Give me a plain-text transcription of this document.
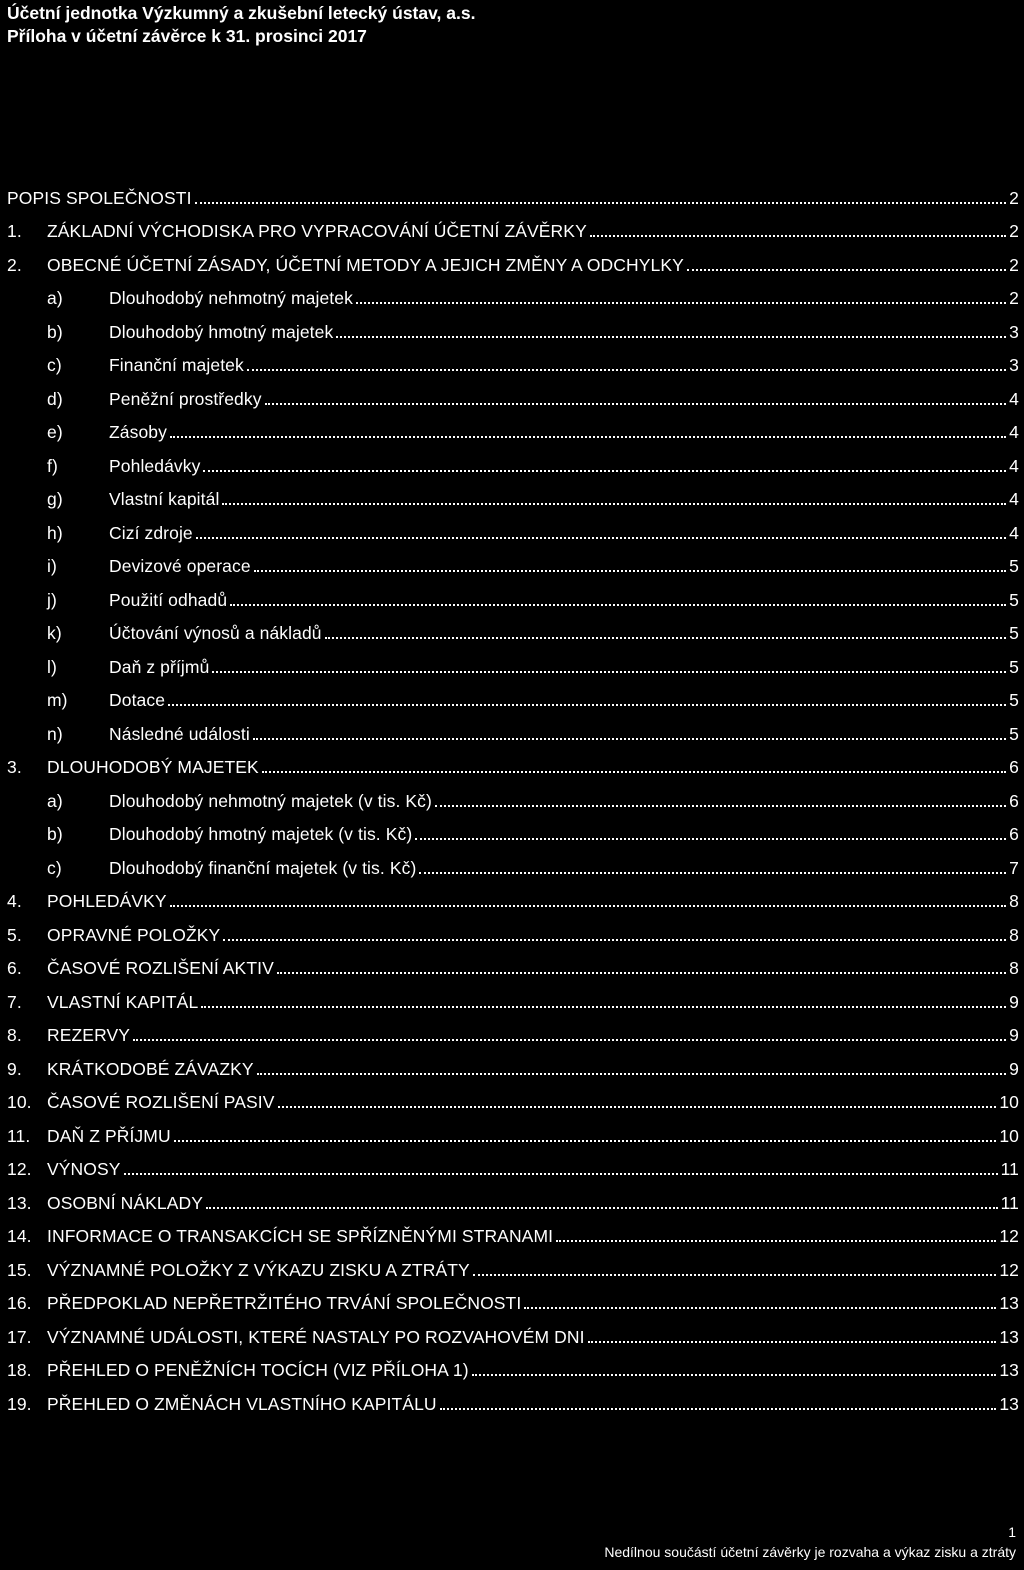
Účetní jednotka Výzkumný a zkušební letecký ústav, a.s.
Příloha v účetní závěrce k 31. prosinci 2017
POPIS SPOLEČNOSTI	2
1.	ZÁKLADNÍ VÝCHODISKA PRO VYPRACOVÁNÍ ÚČETNÍ ZÁVĚRKY	2
2.	OBECNÉ ÚČETNÍ ZÁSADY, ÚČETNÍ METODY A JEJICH ZMĚNY A ODCHYLKY	2
a)	Dlouhodobý nehmotný majetek	2
b)	Dlouhodobý hmotný majetek	3
c)	Finanční majetek	3
d)	Peněžní prostředky	4
e)	Zásoby	4
f)	Pohledávky	4
g)	Vlastní kapitál	4
h)	Cizí zdroje	4
i)	Devizové operace	5
j)	Použití odhadů	5
k)	Účtování výnosů a nákladů	5
l)	Daň z příjmů	5
m)	Dotace	5
n)	Následné události	5
3.	DLOUHODOBÝ MAJETEK	6
a)	Dlouhodobý nehmotný majetek (v tis. Kč)	6
b)	Dlouhodobý hmotný majetek (v tis. Kč)	6
c)	Dlouhodobý finanční majetek (v tis. Kč)	7
4.	POHLEDÁVKY	8
5.	OPRAVNÉ POLOŽKY	8
6.	ČASOVÉ ROZLIŠENÍ AKTIV	8
7.	VLASTNÍ KAPITÁL	9
8.	REZERVY	9
9.	KRÁTKODOBÉ ZÁVAZKY	9
10. ČASOVÉ ROZLIŠENÍ PASIV	10
11. DAŇ Z PŘÍJMU	10
12. VÝNOSY	11
13. OSOBNÍ NÁKLADY	11
14. INFORMACE O TRANSAKCÍCH SE SPŘÍZNĚNÝMI STRANAMI	12
15. VÝZNAMNÉ POLOŽKY Z VÝKAZU ZISKU A ZTRÁTY	12
16. PŘEDPOKLAD NEPŘETRŽITÉHO TRVÁNÍ SPOLEČNOSTI	13
17. VÝZNAMNÉ UDÁLOSTI, KTERÉ NASTALY PO ROZVAHOVÉM DNI	13
18. PŘEHLED O PENĚŽNÍCH TOCÍCH (VIZ PŘÍLOHA 1)	13
19. PŘEHLED O ZMĚNÁCH VLASTNÍHO KAPITÁLU	13
1
Nedílnou součástí účetní závěrky je rozvaha a výkaz zisku a ztráty
